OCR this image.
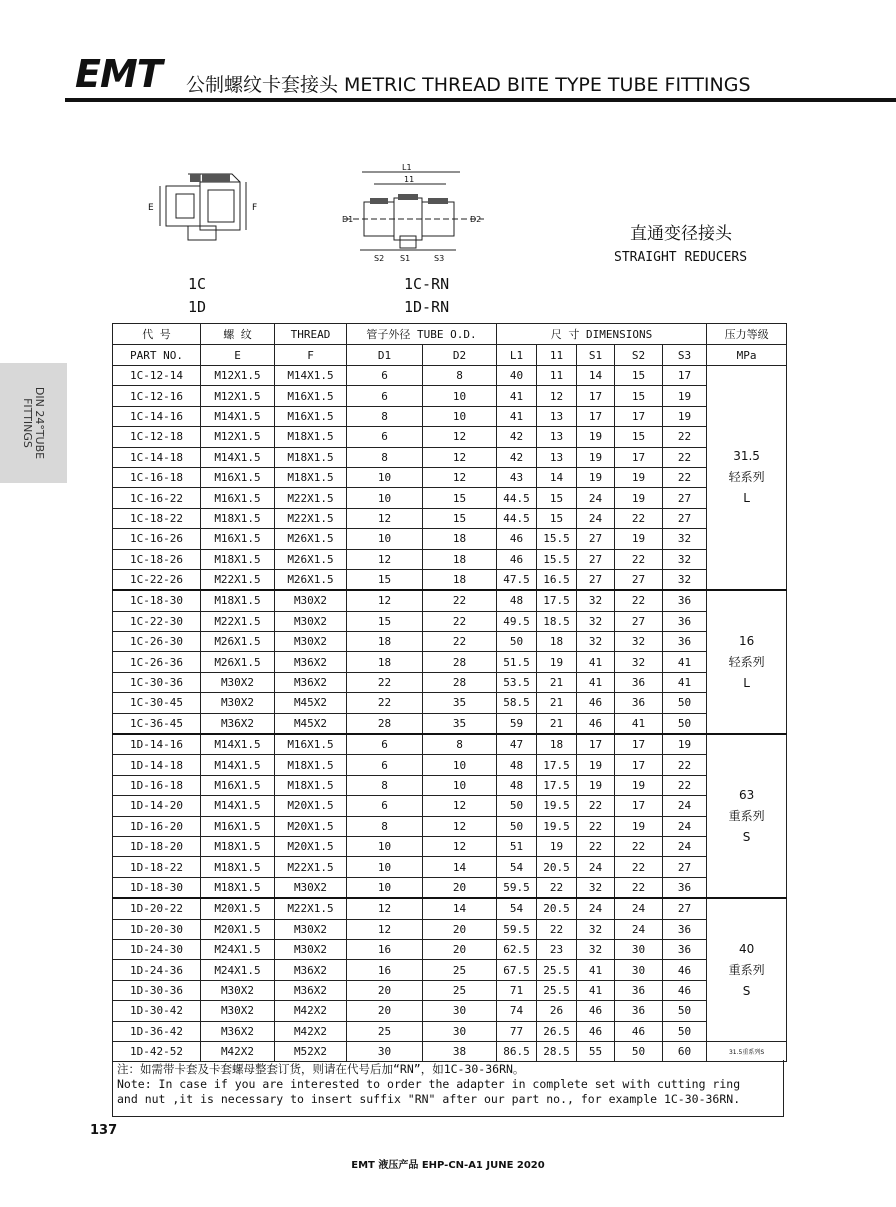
EMT 公制螺纹卡套接头 METRIC THREAD BITE TYPE TUBE FITTINGS
DIN 24°TUBE
FITTINGS
E	F
L1
11
D1	D2
S2 S1	S3
1C
1D
1C-RN
1D-RN
直通变径接头
STRAIGHT REDUCERS
代 号	螺 纹	THREAD	管子外径 TUBE O.D.		尺 寸 DIMENSIONS					压力等级
PART NO.	E	F	D1	D2	L1	11	S1	S2	S3	MPa
1C-12-14	M12X1.5	M14X1.5	6	8	40	11	14	15	17	31.5
轻系列
L

1C-12-16	M12X1.5	M16X1.5	6	10	41	12	17	15	19	
1C-14-16	M14X1.5	M16X1.5	8	10	41	13	17	17	19	
1C-12-18	M12X1.5	M18X1.5	6	12	42	13	19	15	22	
1C-14-18	M14X1.5	M18X1.5	8	12	42	13	19	17	22	
1C-16-18	M16X1.5	M18X1.5	10	12	43	14	19	19	22	
1C-16-22	M16X1.5	M22X1.5	10	15	44.5	15	24	19	27	
1C-18-22	M18X1.5	M22X1.5	12	15	44.5	15	24	22	27	
1C-16-26	M16X1.5	M26X1.5	10	18	46	15.5	27	19	32	
1C-18-26	M18X1.5	M26X1.5	12	18	46	15.5	27	22	32	
1C-22-26	M22X1.5	M26X1.5	15	18	47.5	16.5	27	27	32	
1C-18-30	M18X1.5	M30X2	12	22	48	17.5	32	22	36	16
轻系列
L

1C-22-30	M22X1.5	M30X2	15	22	49.5	18.5	32	27	36	
1C-26-30	M26X1.5	M30X2	18	22	50	18	32	32	36	
1C-26-36	M26X1.5	M36X2	18	28	51.5	19	41	32	41	
1C-30-36	M30X2	M36X2	22	28	53.5	21	41	36	41	
1C-30-45	M30X2	M45X2	22	35	58.5	21	46	36	50	
1C-36-45	M36X2	M45X2	28	35	59	21	46	41	50	
1D-14-16	M14X1.5	M16X1.5	6	8	47	18	17	17	19	63
重系列
S

1D-14-18	M14X1.5	M18X1.5	6	10	48	17.5	19	17	22	
1D-16-18	M16X1.5	M18X1.5	8	10	48	17.5	19	19	22	
1D-14-20	M14X1.5	M20X1.5	6	12	50	19.5	22	17	24	
1D-16-20	M16X1.5	M20X1.5	8	12	50	19.5	22	19	24	
1D-18-20	M18X1.5	M20X1.5	10	12	51	19	22	22	24	
1D-18-22	M18X1.5	M22X1.5	10	14	54	20.5	24	22	27	
1D-18-30	M18X1.5	M30X2	10	20	59.5	22	32	22	36	
1D-20-22	M20X1.5	M22X1.5	12	14	54	20.5	24	24	27	40
重系列
S

1D-20-30	M20X1.5	M30X2	12	20	59.5	22	32	24	36	
1D-24-30	M24X1.5	M30X2	16	20	62.5	23	32	30	36	
1D-24-36	M24X1.5	M36X2	16	25	67.5	25.5	41	30	46	
1D-30-36	M30X2	M36X2	20	25	71	25.5	41	36	46	
1D-30-42	M30X2	M42X2	20	30	74	26	46	36	50	
1D-36-42	M36X2	M42X2	25	30	77	26.5	46	46	50	
1D-42-52	M42X2	M52X2	30	38	86.5	28.5	55	50	60	31.5重系列S
注：如需带卡套及卡套螺母整套订货，则请在代号后加“RN”，如1C-30-36RN。
Note: In case if you are interested to order the adapter in complete set with cutting ring
and nut ,it is necessary to insert suffix "RN" after our part no., for example 1C-30-36RN.
137
EMT 液压产品 EHP-CN-A1 JUNE 2020
